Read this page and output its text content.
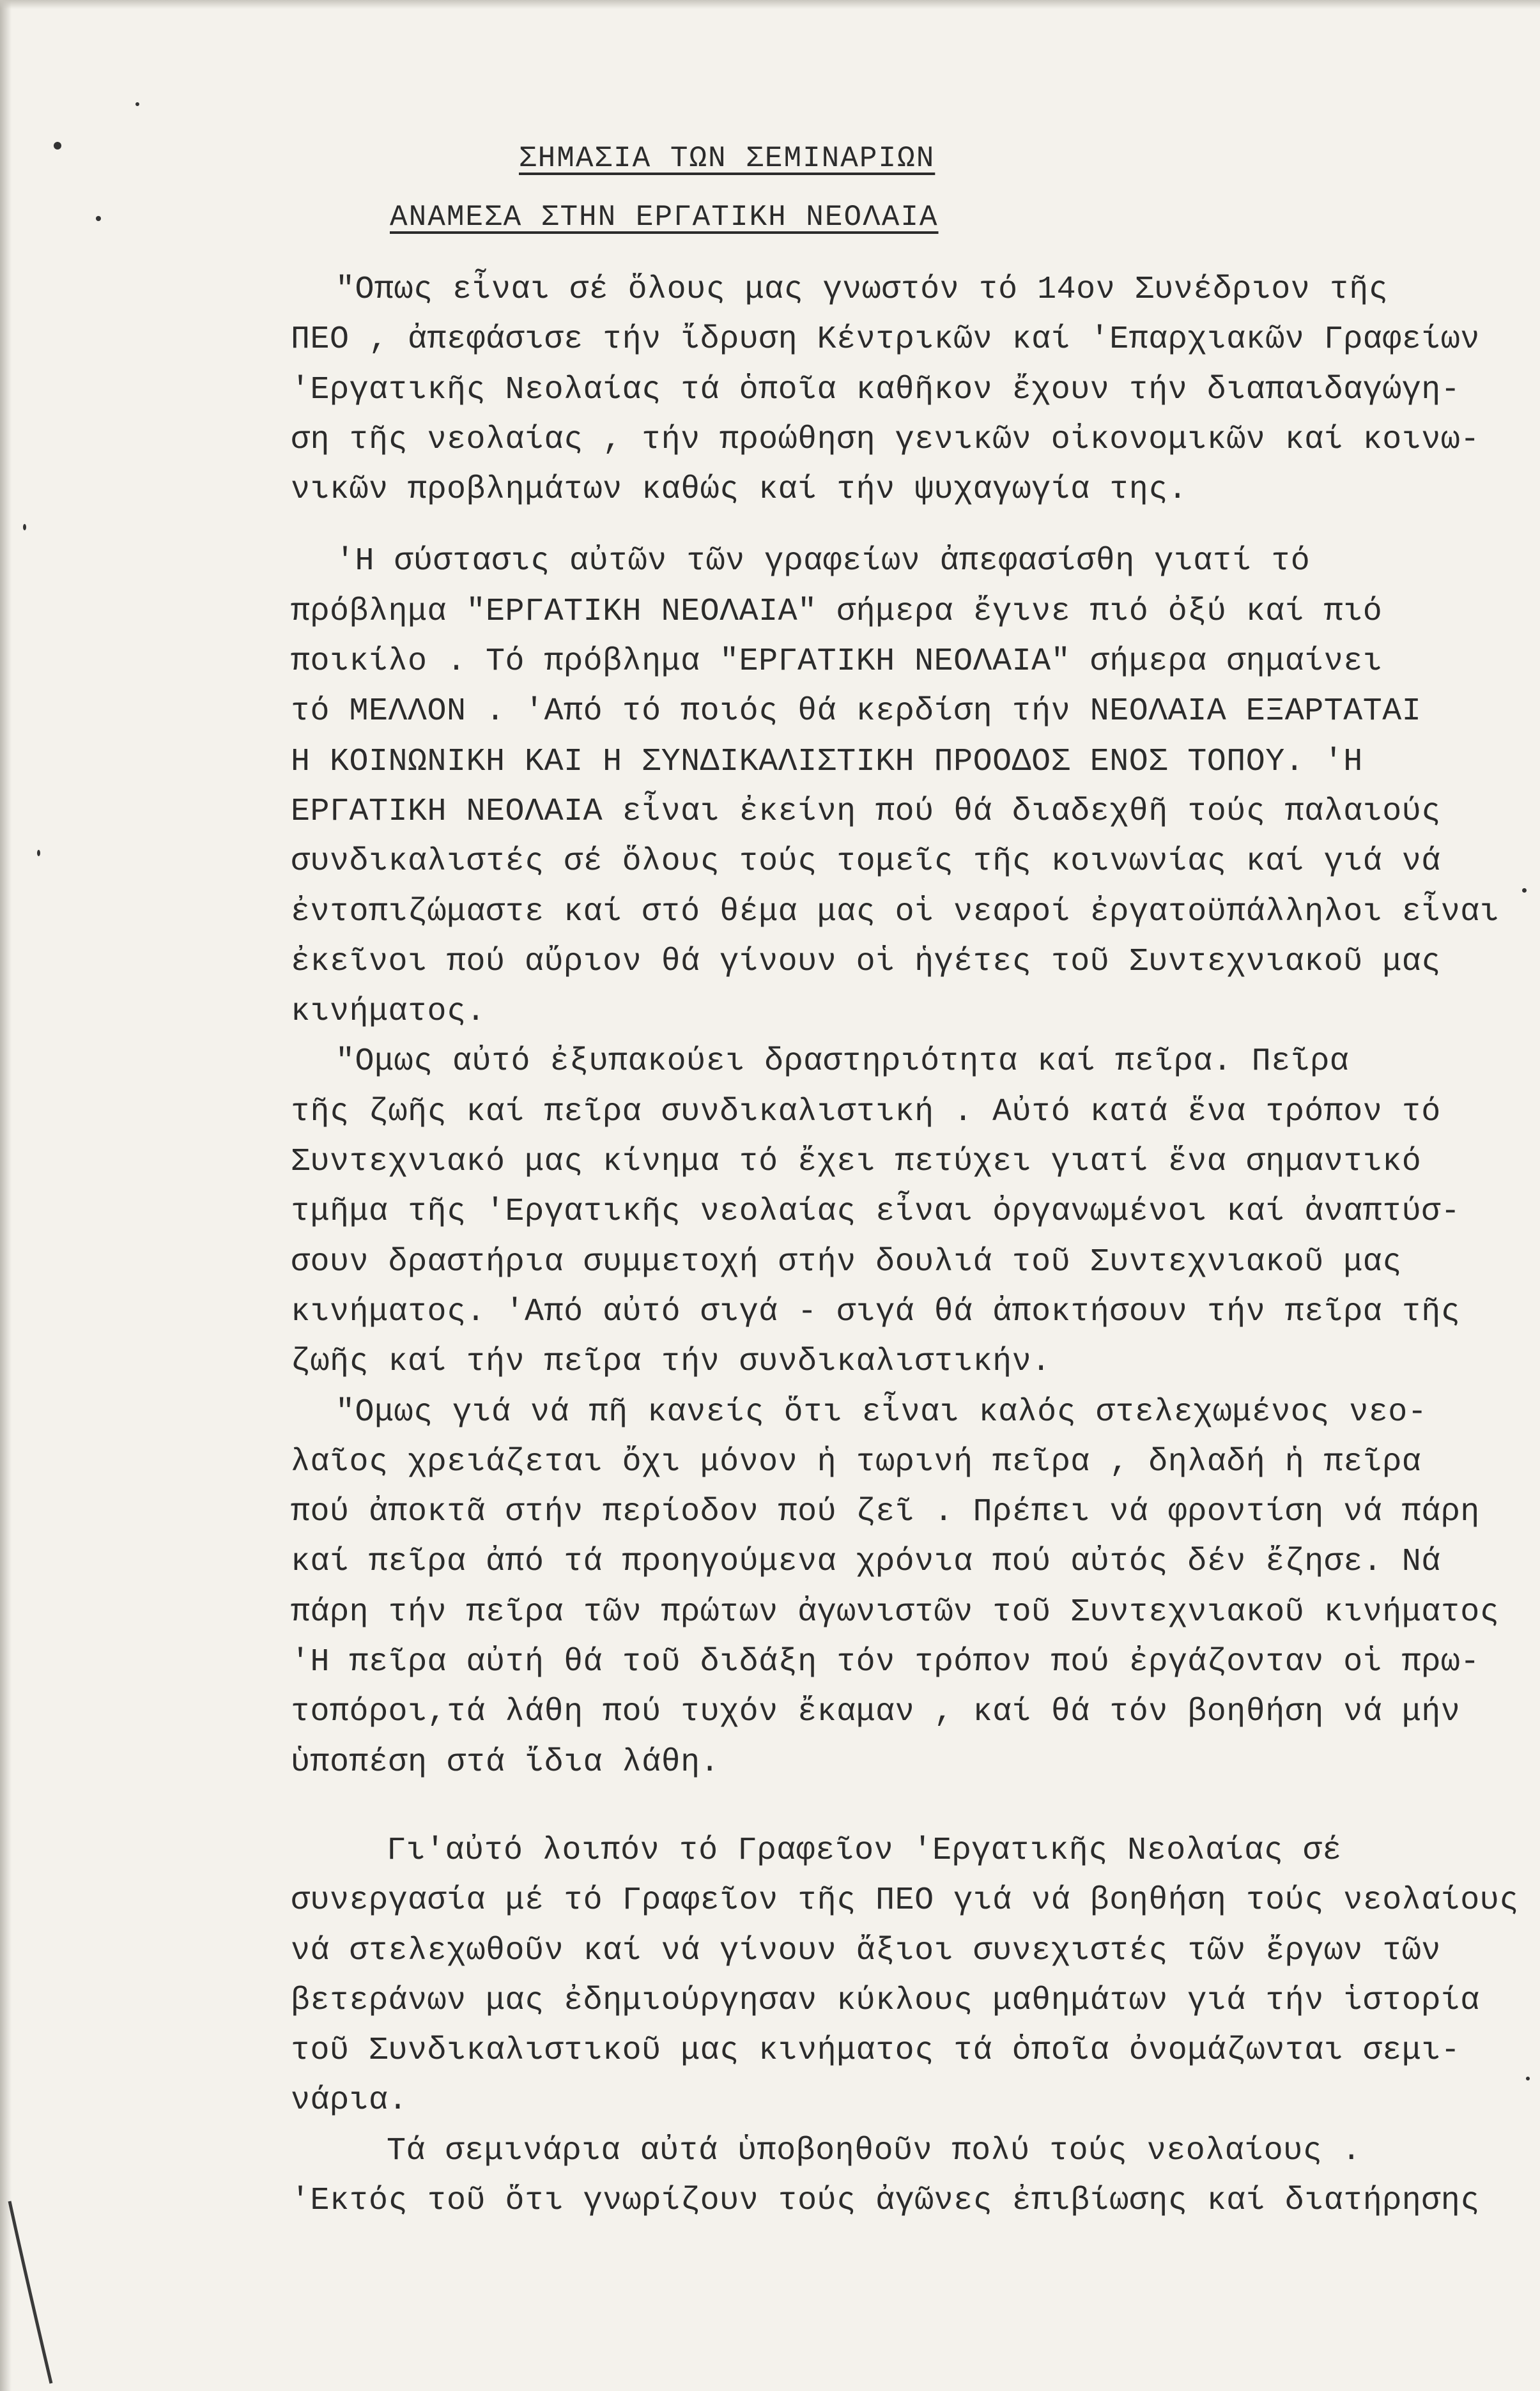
ΣΗΜΑΣΙΑ ΤΩΝ ΣΕΜΙΝΑΡΙΩΝ
ΑΝΑΜΕΣΑ ΣΤΗΝ ΕΡΓΑΤΙΚΗ ΝΕΟΛΑΙΑ
"Οπως εἶναι σέ ὅλους μας γνωστόν τό 14ον Συνέδριον τῆς
ΠΕΟ , ἀπεφάσισε τήν ἴδρυση Κέντρικῶν καί 'Επαρχιακῶν Γραφείων
'Εργατικῆς Νεολαίας τά ὁποῖα καθῆκον ἔχουν τήν διαπαιδαγώγη-
ση τῆς νεολαίας , τήν προώθηση γενικῶν οἰκονομικῶν καί κοινω-
νικῶν προβλημάτων καθώς καί τήν ψυχαγωγία της.
'Η σύστασις αὐτῶν τῶν γραφείων ἀπεφασίσθη γιατί τό
πρόβλημα "ΕΡΓΑΤΙΚΗ ΝΕΟΛΑΙΑ" σήμερα ἔγινε πιό ὀξύ καί πιό
ποικίλο . Τό πρόβλημα "ΕΡΓΑΤΙΚΗ ΝΕΟΛΑΙΑ" σήμερα σημαίνει
τό ΜΕΛΛΟΝ . 'Από τό ποιός θά κερδίση τήν ΝΕΟΛΑΙΑ ΕΞΑΡΤΑΤΑΙ
Η ΚΟΙΝΩΝΙΚΗ ΚΑΙ Η ΣΥΝΔΙΚΑΛΙΣΤΙΚΗ ΠΡΟΟΔΟΣ ΕΝΟΣ ΤΟΠΟΥ. 'Η
ΕΡΓΑΤΙΚΗ ΝΕΟΛΑΙΑ εἶναι ἐκείνη πού θά διαδεχθῆ τούς παλαιούς
συνδικαλιστές σέ ὅλους τούς τομεῖς τῆς κοινωνίας καί γιά νά
ἐντοπιζώμαστε καί στό θέμα μας οἱ νεαροί ἐργατοϋπάλληλοι εἶναι
ἐκεῖνοι πού αὔριον θά γίνουν οἱ ἡγέτες τοῦ Συντεχνιακοῦ μας
κινήματος.
"Ομως αὐτό ἐξυπακούει δραστηριότητα καί πεῖρα. Πεῖρα
τῆς ζωῆς καί πεῖρα συνδικαλιστική . Αὐτό κατά ἕνα τρόπον τό
Συντεχνιακό μας κίνημα τό ἔχει πετύχει γιατί ἕνα σημαντικό
τμῆμα τῆς 'Εργατικῆς νεολαίας εἶναι ὀργανωμένοι καί ἀναπτύσ-
σουν δραστήρια συμμετοχή στήν δουλιά τοῦ Συντεχνιακοῦ μας
κινήματος. 'Από αὐτό σιγά - σιγά θά ἀποκτήσουν τήν πεῖρα τῆς
ζωῆς καί τήν πεῖρα τήν συνδικαλιστικήν.
"Ομως γιά νά πῆ κανείς ὅτι εἶναι καλός στελεχωμένος νεο-
λαῖος χρειάζεται ὄχι μόνον ἡ τωρινή πεῖρα , δηλαδή ἡ πεῖρα
πού ἀποκτᾶ στήν περίοδον πού ζεῖ . Πρέπει νά φροντίση νά πάρη
καί πεῖρα ἀπό τά προηγούμενα χρόνια πού αὐτός δέν ἔζησε. Νά
πάρη τήν πεῖρα τῶν πρώτων ἀγωνιστῶν τοῦ Συντεχνιακοῦ κινήματος
'Η πεῖρα αὐτή θά τοῦ διδάξη τόν τρόπον πού ἐργάζονταν οἱ πρω-
τοπόροι,τά λάθη πού τυχόν ἔκαμαν , καί θά τόν βοηθήση νά μήν
ὑποπέση στά ἴδια λάθη.
Γι'αὐτό λοιπόν τό Γραφεῖον 'Εργατικῆς Νεολαίας σέ
συνεργασία μέ τό Γραφεῖον τῆς ΠΕΟ γιά νά βοηθήση τούς νεολαίους
νά στελεχωθοῦν καί νά γίνουν ἄξιοι συνεχιστές τῶν ἔργων τῶν
βετεράνων μας ἐδημιούργησαν κύκλους μαθημάτων γιά τήν ἱστορία
τοῦ Συνδικαλιστικοῦ μας κινήματος τά ὁποῖα ὀνομάζωνται σεμι-
νάρια.
Τά σεμινάρια αὐτά ὑποβοηθοῦν πολύ τούς νεολαίους .
'Εκτός τοῦ ὅτι γνωρίζουν τούς ἀγῶνες ἐπιβίωσης καί διατήρησης
